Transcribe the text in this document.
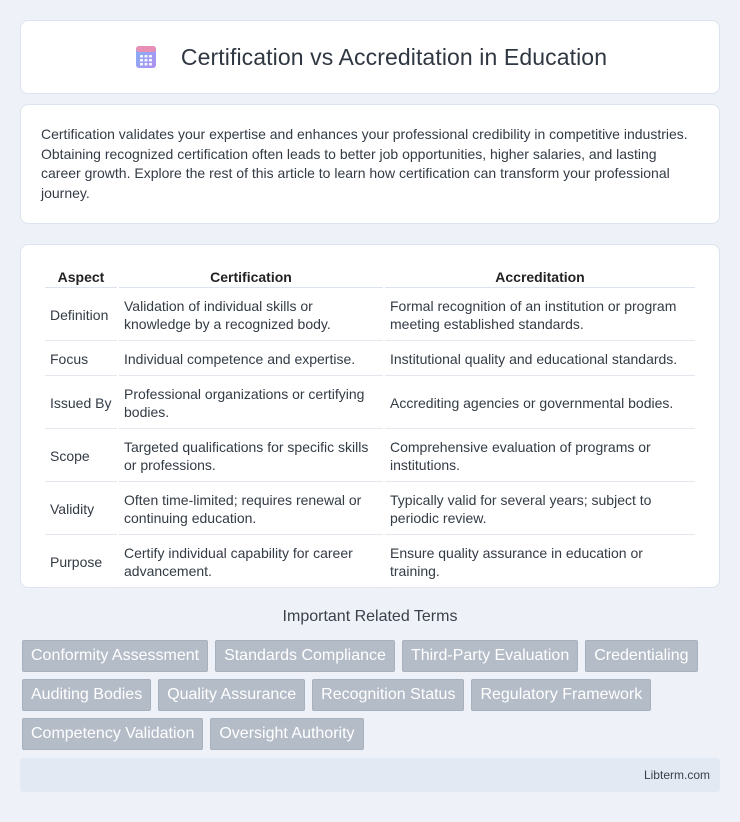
Certification vs Accreditation in Education

Certification validates your expertise and enhances your professional credibility in competitive industries. Obtaining recognized certification often leads to better job opportunities, higher salaries, and lasting career growth. Explore the rest of this article to learn how certification can transform your professional journey.

Aspect	Certification	Accreditation
Definition	Validation of individual skills or knowledge by a recognized body.	Formal recognition of an institution or program meeting established standards.
Focus	Individual competence and expertise.	Institutional quality and educational standards.
Issued By	Professional organizations or certifying bodies.	Accrediting agencies or governmental bodies.
Scope	Targeted qualifications for specific skills or professions.	Comprehensive evaluation of programs or institutions.
Validity	Often time-limited; requires renewal or continuing education.	Typically valid for several years; subject to periodic review.
Purpose	Certify individual capability for career advancement.	Ensure quality assurance in education or training.
Important Related Terms
Conformity Assessment	Standards Compliance	Third-Party Evaluation	Credentialing
Auditing Bodies	Quality Assurance	Recognition Status	Regulatory Framework
Competency Validation	Oversight Authority
Libterm.com
